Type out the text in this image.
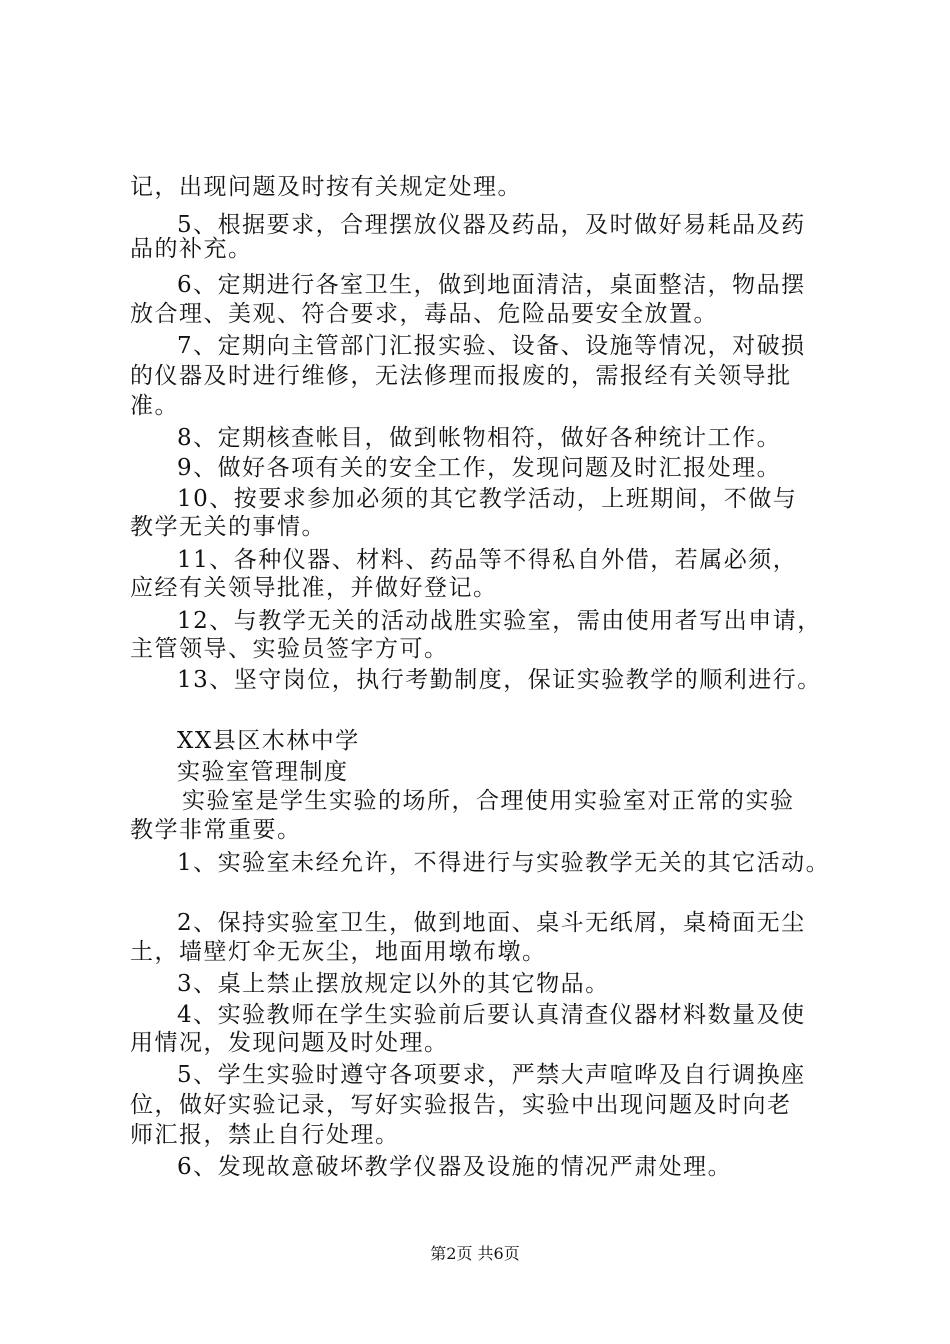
记，出现问题及时按有关规定处理。
5、根据要求，合理摆放仪器及药品，及时做好易耗品及药
品的补充。
6、定期进行各室卫生，做到地面清洁，桌面整洁，物品摆
放合理、美观、符合要求，毒品、危险品要安全放置。
7、定期向主管部门汇报实验、设备、设施等情况，对破损
的仪器及时进行维修，无法修理而报废的，需报经有关领导批
准。
8、定期核查帐目，做到帐物相符，做好各种统计工作。
9、做好各项有关的安全工作，发现问题及时汇报处理。
10、按要求参加必须的其它教学活动，上班期间，不做与
教学无关的事情。
11、各种仪器、材料、药品等不得私自外借，若属必须，
应经有关领导批准，并做好登记。
12、与教学无关的活动战胜实验室，需由使用者写出申请，
主管领导、实验员签字方可。
13、坚守岗位，执行考勤制度，保证实验教学的顺利进行。
XX县区木林中学
实验室管理制度
实验室是学生实验的场所，合理使用实验室对正常的实验
教学非常重要。
1、实验室未经允许，不得进行与实验教学无关的其它活动。
2、保持实验室卫生，做到地面、桌斗无纸屑，桌椅面无尘
土，墙壁灯伞无灰尘，地面用墩布墩。
3、桌上禁止摆放规定以外的其它物品。
4、实验教师在学生实验前后要认真清查仪器材料数量及使
用情况，发现问题及时处理。
5、学生实验时遵守各项要求，严禁大声喧哗及自行调换座
位，做好实验记录，写好实验报告，实验中出现问题及时向老
师汇报，禁止自行处理。
6、发现故意破坏教学仪器及设施的情况严肃处理。
第2页 共6页
